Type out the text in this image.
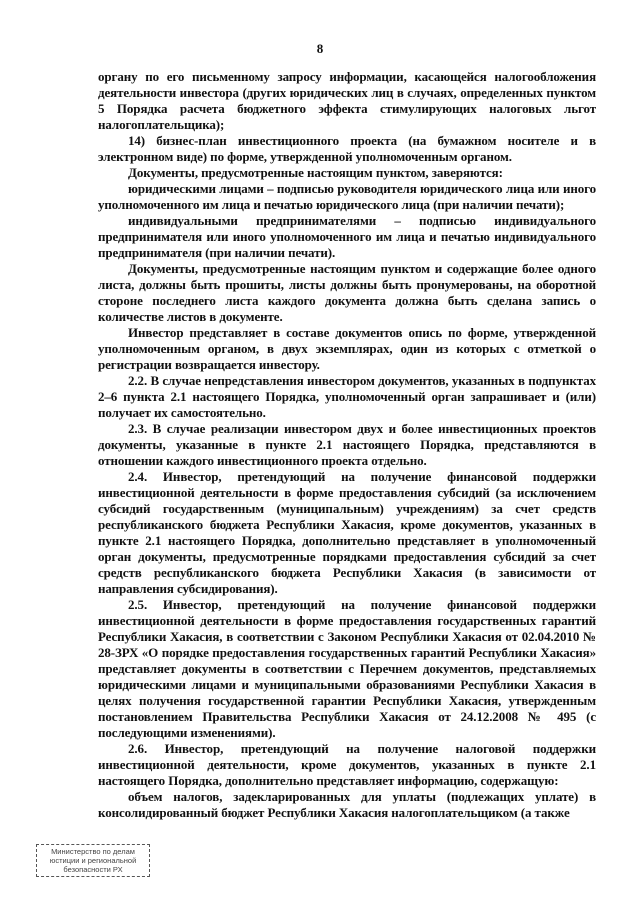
8

органу по его письменному запросу информации, касающейся налогообложения деятельности инвестора (других юридических лиц в случаях, определенных пунктом 5 Порядка расчета бюджетного эффекта стимулирующих налоговых льгот налогоплательщика);

14) бизнес-план инвестиционного проекта (на бумажном носителе и в электронном виде) по форме, утвержденной уполномоченным органом.

Документы, предусмотренные настоящим пунктом, заверяются:

юридическими лицами – подписью руководителя юридического лица или иного уполномоченного им лица и печатью юридического лица (при наличии печати);

индивидуальными предпринимателями – подписью индивидуального предпринимателя или иного уполномоченного им лица и печатью индивидуального предпринимателя (при наличии печати).

Документы, предусмотренные настоящим пунктом и содержащие более одного листа, должны быть прошиты, листы должны быть пронумерованы, на оборотной стороне последнего листа каждого документа должна быть сделана запись о количестве листов в документе.

Инвестор представляет в составе документов опись по форме, утвержденной уполномоченным органом, в двух экземплярах, один из которых с отметкой о регистрации возвращается инвестору.

2.2. В случае непредставления инвестором документов, указанных в подпунктах 2–6 пункта 2.1 настоящего Порядка, уполномоченный орган запрашивает и (или) получает их самостоятельно.

2.3. В случае реализации инвестором двух и более инвестиционных проектов документы, указанные в пункте 2.1 настоящего Порядка, представляются в отношении каждого инвестиционного проекта отдельно.

2.4. Инвестор, претендующий на получение финансовой поддержки инвестиционной деятельности в форме предоставления субсидий (за исключением субсидий государственным (муниципальным) учреждениям) за счет средств республиканского бюджета Республики Хакасия, кроме документов, указанных в пункте 2.1 настоящего Порядка, дополнительно представляет в уполномоченный орган документы, предусмотренные порядками предоставления субсидий за счет средств республиканского бюджета Республики Хакасия (в зависимости от направления субсидирования).

2.5. Инвестор, претендующий на получение финансовой поддержки инвестиционной деятельности в форме предоставления государственных гарантий Республики Хакасия, в соответствии с Законом Республики Хакасия от 02.04.2010 № 28-ЗРХ «О порядке предоставления государственных гарантий Республики Хакасия» представляет документы в соответствии с Перечнем документов, представляемых юридическими лицами и муниципальными образованиями Республики Хакасия в целях получения государственной гарантии Республики Хакасия, утвержденным постановлением Правительства Республики Хакасия от 24.12.2008 № 495 (с последующими изменениями).

2.6. Инвестор, претендующий на получение налоговой поддержки инвестиционной деятельности, кроме документов, указанных в пункте 2.1 настоящего Порядка, дополнительно представляет информацию, содержащую:

объем налогов, задекларированных для уплаты (подлежащих уплате) в консолидированный бюджет Республики Хакасия налогоплательщиком (а также

Министерство по делам
юстиции и региональной
безопасности РХ
